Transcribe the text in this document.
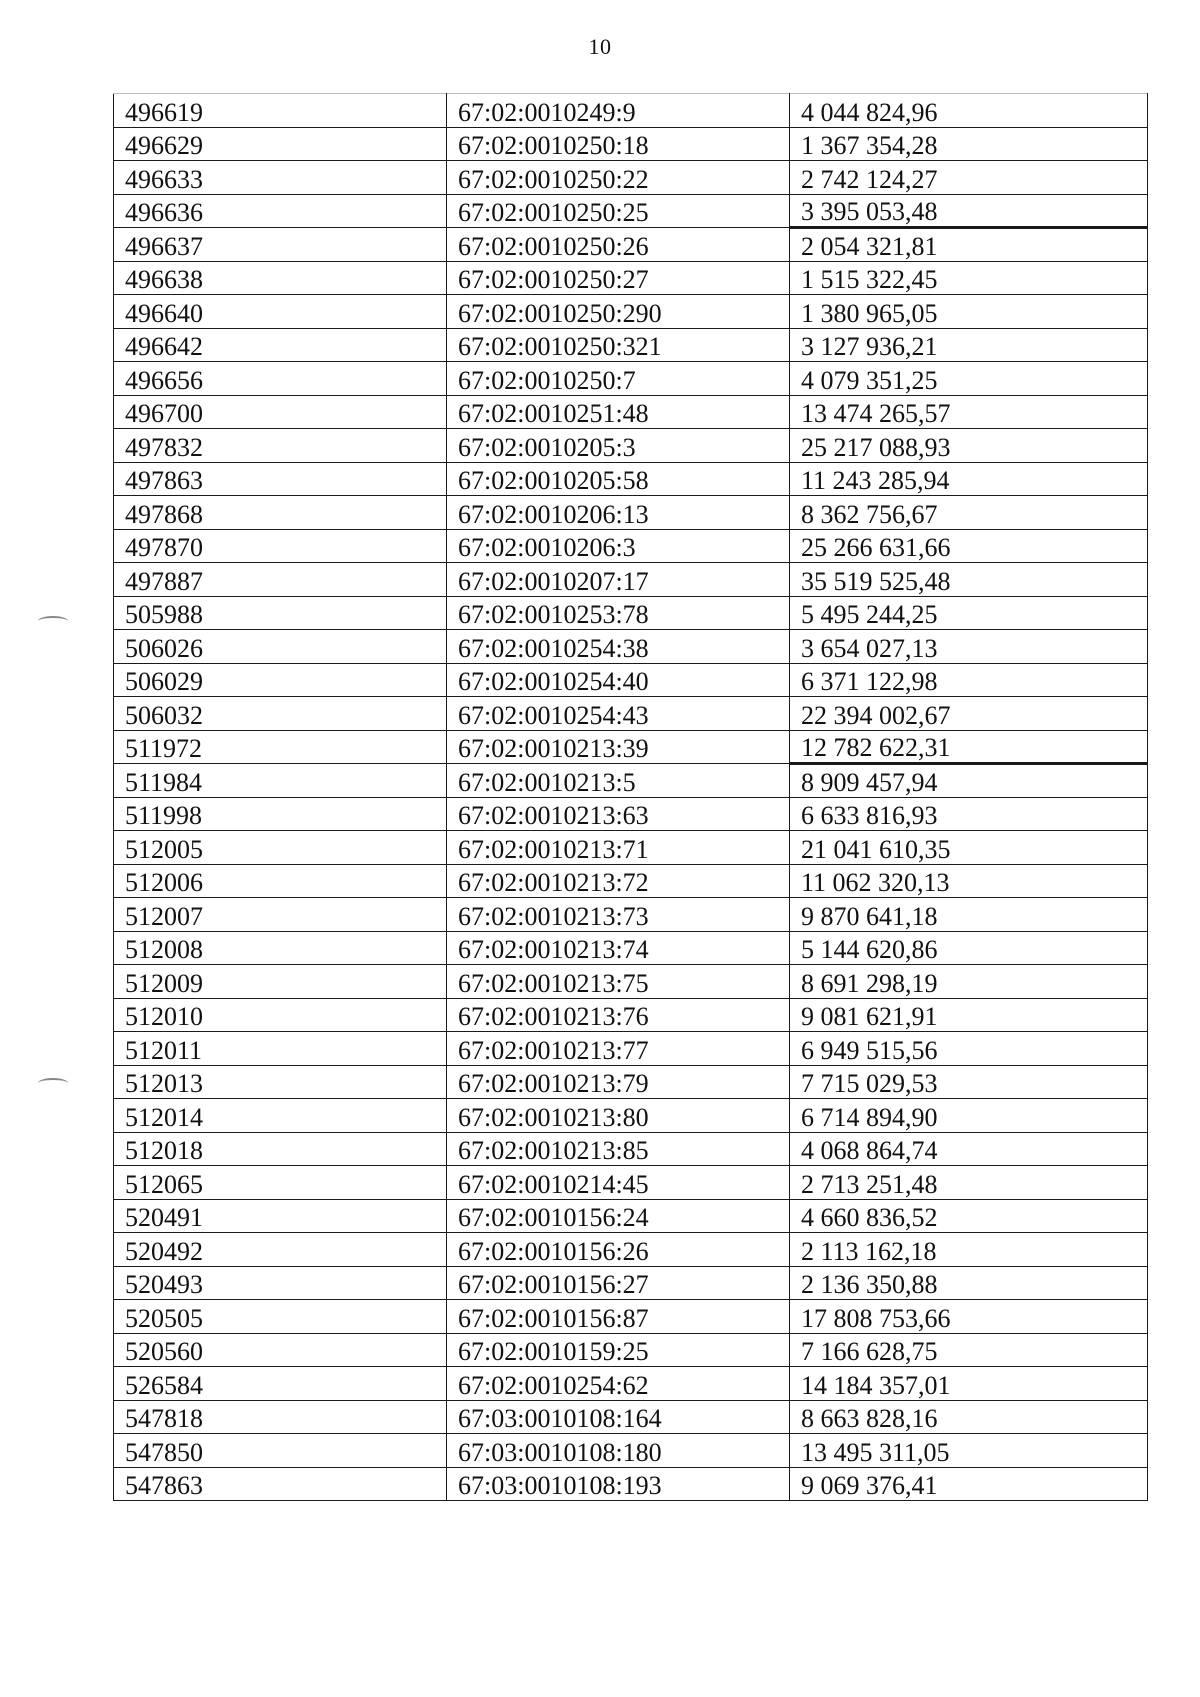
10
496619	67:02:0010249:9	4 044 824,96
496629	67:02:0010250:18	1 367 354,28
496633	67:02:0010250:22	2 742 124,27
496636	67:02:0010250:25	3 395 053,48
496637	67:02:0010250:26	2 054 321,81
496638	67:02:0010250:27	1 515 322,45
496640	67:02:0010250:290	1 380 965,05
496642	67:02:0010250:321	3 127 936,21
496656	67:02:0010250:7	4 079 351,25
496700	67:02:0010251:48	13 474 265,57
497832	67:02:0010205:3	25 217 088,93
497863	67:02:0010205:58	11 243 285,94
497868	67:02:0010206:13	8 362 756,67
497870	67:02:0010206:3	25 266 631,66
497887	67:02:0010207:17	35 519 525,48
505988	67:02:0010253:78	5 495 244,25
506026	67:02:0010254:38	3 654 027,13
506029	67:02:0010254:40	6 371 122,98
506032	67:02:0010254:43	22 394 002,67
511972	67:02:0010213:39	12 782 622,31
511984	67:02:0010213:5	8 909 457,94
511998	67:02:0010213:63	6 633 816,93
512005	67:02:0010213:71	21 041 610,35
512006	67:02:0010213:72	11 062 320,13
512007	67:02:0010213:73	9 870 641,18
512008	67:02:0010213:74	5 144 620,86
512009	67:02:0010213:75	8 691 298,19
512010	67:02:0010213:76	9 081 621,91
512011	67:02:0010213:77	6 949 515,56
512013	67:02:0010213:79	7 715 029,53
512014	67:02:0010213:80	6 714 894,90
512018	67:02:0010213:85	4 068 864,74
512065	67:02:0010214:45	2 713 251,48
520491	67:02:0010156:24	4 660 836,52
520492	67:02:0010156:26	2 113 162,18
520493	67:02:0010156:27	2 136 350,88
520505	67:02:0010156:87	17 808 753,66
520560	67:02:0010159:25	7 166 628,75
526584	67:02:0010254:62	14 184 357,01
547818	67:03:0010108:164	8 663 828,16
547850	67:03:0010108:180	13 495 311,05
547863	67:03:0010108:193	9 069 376,41
